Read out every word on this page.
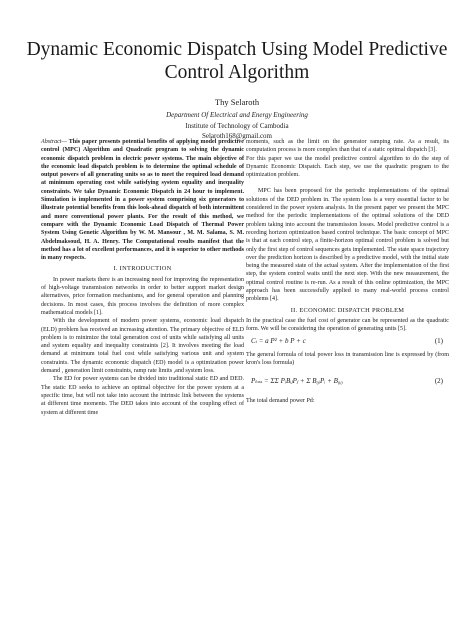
Dynamic Economic Dispatch Using Model Predictive Control Algorithm
Thy Selaroth
Department Of Electrical and Energy Engineering
Institute of Technology of Cambodia
Selaroth168@gmail.com

Abstract— This paper presents potential benefits of applying model predictive control (MPC) Algorithm and Quadratic program to solving the dynamic economic dispatch problem in electric power systems. The main objective of the economic load dispatch problem is to determine the optimal schedule of output powers of all generating units so as to meet the required load demand at minimum operating cost while satisfying system equality and inequality constraints. We take Dynamic Economic Dispatch in 24 hour to implement. Simulation is implemented in a power system comprising six generators to illustrate potential benefits from this look-ahead dispatch of both intermittent and more conventional power plants. For the result of this method, we compare with the Dynamic Economic Load Dispatch of Thermal Power System Using Genetic Algorithm by W. M. Mansour , M. M. Salama, S. M. Abdelmaksoud, H. A. Henry. The Computational results manifest that the method has a lot of excellent performances, and it is superior to other methods in many respects.

I. INTRODUCTION

In power markets there is an increasing need for improving the representation of high-voltage transmission networks in order to better support market design alternatives, price formation mechanisms, and for general operation and planning decisions. In most cases, this process involves the definition of more complex mathematical models [1].

With the development of modern power systems, economic load dispatch (ELD) problem has received an increasing attention. The primary objective of ELD problem is to minimize the total generation cost of units while satisfying all units and system equality and inequality constraints [2]. It involves meeting the load demand at minimum total fuel cost while satisfying various unit and system constraints. The dynamic economic dispatch (ED) model is a optimization power demand , generation limit constraints, ramp rate limits ,and system loss.

The ED for power systems can be divided into traditional static ED and DED. The static ED seeks to achieve an optimal objective for the power system at a specific time, but will not take into account the intrinsic link between the systems at different time moments. The DED takes into account of the coupling effect of system at different time

moments, such as the limit on the generator ramping rate. As a result, its computation process is more complex than that of a static optimal dispatch [3].

For this paper we use the model predictive control algorithm to do the step of Dynamic Economic Dispatch. Each step, we use the quadratic program to the optimization problem.

MPC has been proposed for the periodic implementations of the optimal solutions of the DED problem in. The system loss is a very essential factor to be considered in the power system analysis. In the present paper we present the MPC method for the periodic implementations of the optimal solutions of the DED problem taking into account the transmission losses. Model predictive control is a receding horizon optimization based control technique. The basic concept of MPC is that at each control step, a finite-horizon optimal control problem is solved but only the first step of control sequences gets implemented. The state space trajectory over the prediction horizon is described by a predictive model, with the initial state being the measured state of the actual system. After the implementation of the first step, the system control waits until the next step. With the new measurement, the optimal control routine is re-run. As a result of this online optimization, the MPC approach has been successfully applied to many real-world process control problems [4].

II. ECONOMIC DISPATCH PROBLEM

In the practical case the fuel cost of generator can be represented as the quadratic form. We will be considering the operation of generating units [5].

Ci = a P² + b P + c	(1)

The general formula of total power loss in transmission line is expressed by (from kron's loss formula)

Ploss = ΣΣ PᵢBᵢⱼPⱼ + Σ B₀ᵢPᵢ + B₀₀	(2)

The total demand power Pd:
